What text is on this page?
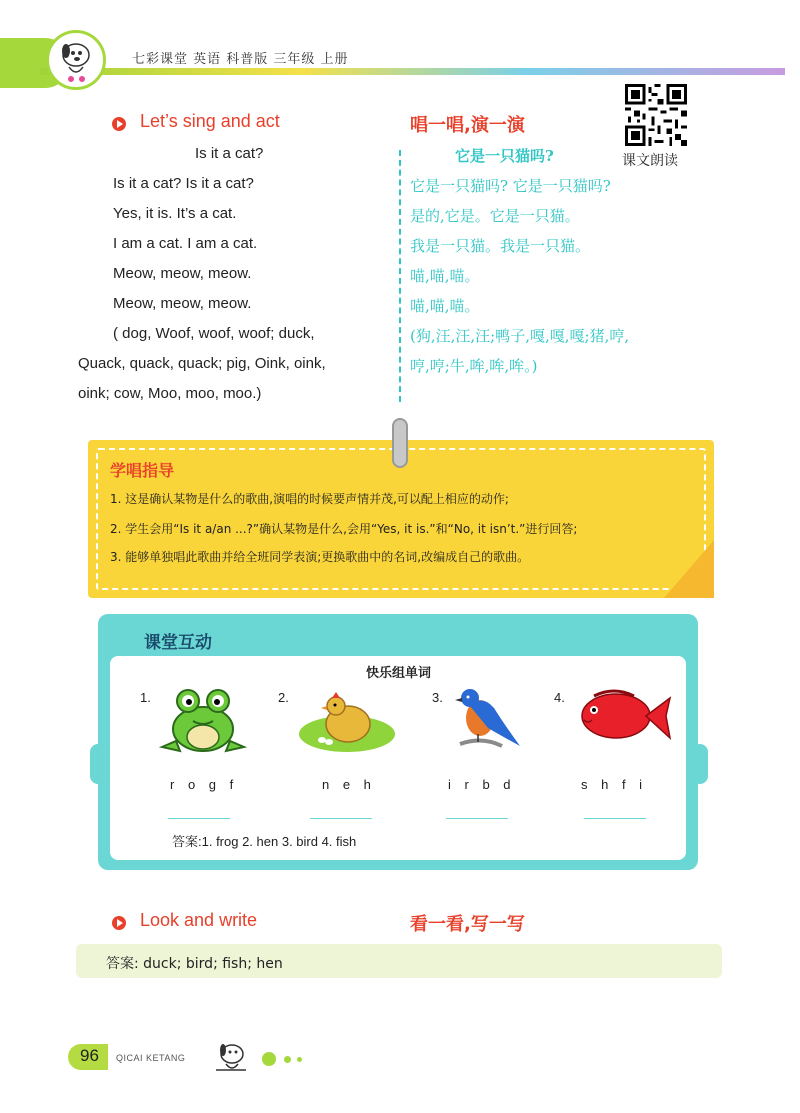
七彩课堂 英语 科普版 三年级 上册
Let’s sing and act	唱一唱,演一演
课文朗读
Is it a cat?
Is it a cat? Is it a cat?
Yes, it is. It’s a cat.
I am a cat. I am a cat.
Meow, meow, meow.
Meow, meow, meow.
( dog, Woof, woof, woof; duck,
Quack, quack, quack; pig, Oink, oink,
oink; cow, Moo, moo, moo.)
它是一只猫吗?
它是一只猫吗? 它是一只猫吗?
是的,它是。它是一只猫。
我是一只猫。我是一只猫。
喵,喵,喵。
喵,喵,喵。
(狗,汪,汪,汪;鸭子,嘎,嘎,嘎;猪,哼,
哼,哼;牛,哞,哞,哞。)
学唱指导
1. 这是确认某物是什么的歌曲,演唱的时候要声情并茂,可以配上相应的动作;
2. 学生会用“Is it a/an ...?”确认某物是什么,会用“Yes, it is.”和“No, it isn’t.”进行回答;
3. 能够单独唱此歌曲并给全班同学表演;更换歌曲中的名词,改编成自己的歌曲。
课堂互动
快乐组单词
1.
r o g f
2.
n e h
3.
i r b d
4.
s h f i
答案:1. frog 2. hen 3. bird 4. fish
Look and write	看一看,写一写
答案: duck; bird; fish; hen
96 QICAI KETANG
